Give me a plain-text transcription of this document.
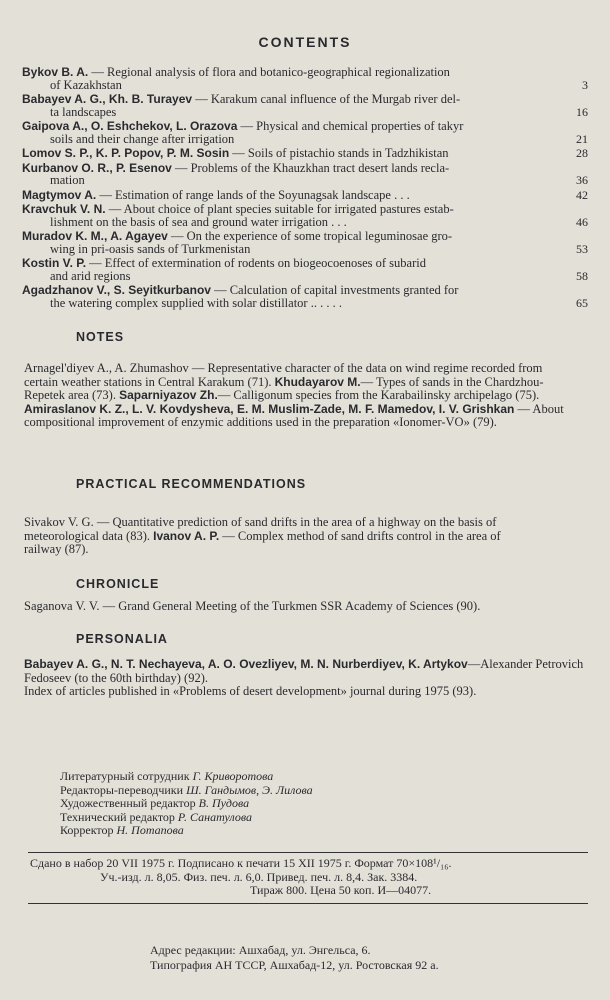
CONTENTS
Bykov B. A. — Regional analysis of flora and botanico-geographical regionalization
of Kazakhstan	3
Babayev A. G., Kh. B. Turayev — Karakum canal influence of the Murgab river del-
ta landscapes	16
Gaipova A., O. Eshchekov, L. Orazova — Physical and chemical properties of takyr
soils and their change after irrigation	21
Lomov S. P., K. P. Popov, P. M. Sosin — Soils of pistachio stands in Tadzhikistan	28
Kurbanov O. R., P. Esenov — Problems of the Khauzkhan tract desert lands recla-
mation	36
Magtymov A. — Estimation of range lands of the Soyunagsak landscape . . .	42
Kravchuk V. N. — About choice of plant species suitable for irrigated pastures estab-
lishment on the basis of sea and ground water irrigation . . .	46
Muradov K. M., A. Agayev — On the experience of some tropical leguminosae gro-
wing in pri-oasis sands of Turkmenistan	53
Kostin V. P. — Effect of extermination of rodents on biogeocoenoses of subarid
and arid regions	58
Agadzhanov V., S. Seyitkurbanov — Calculation of capital investments granted for
the watering complex supplied with solar distillator .. . . . .	65
NOTES
Arnagel'diyev A., A. Zhumashov — Representative character of the data on wind regime recorded from certain weather stations in Central Karakum (71). Khudayarov M.— Types of sands in the Chardzhou-Repetek area (73). Saparniyazov Zh.— Calligonum species from the Karabailinsky archipelago (75). Amiraslanov K. Z., L. V. Kovdysheva, E. M. Muslim-Zade, M. F. Mamedov, I. V. Grishkan — About compositional improvement of enzymic additions used in the preparation «Ionomer-VO» (79).
PRACTICAL RECOMMENDATIONS
Sivakov V. G. — Quantitative prediction of sand drifts in the area of a highway on the basis of meteorological data (83). Ivanov A. P. — Complex method of sand drifts control in the area of railway (87).
CHRONICLE
Saganova V. V. — Grand General Meeting of the Turkmen SSR Academy of Sciences (90).
PERSONALIA
Babayev A. G., N. T. Nechayeva, A. O. Ovezliyev, M. N. Nurberdiyev, K. Artykov—Alexander Petrovich Fedoseev (to the 60th birthday) (92).
Index of articles published in «Problems of desert development» journal during 1975 (93).
Литературный сотрудник Г. Криворотова
Редакторы-переводчики Ш. Гандымов, Э. Лилова
Художественный редактор В. Пудова
Технический редактор Р. Санатулова
Корректор Н. Потапова
Сдано в набор 20 VII 1975 г. Подписано к печати 15 XII 1975 г. Формат 70×108¹/₁₆.
Уч.-изд. л. 8,05. Физ. печ. л. 6,0. Привед. печ. л. 8,4. Зак. 3384.
Тираж 800. Цена 50 коп. И—04077.
Адрес редакции: Ашхабад, ул. Энгельса, 6.
Типография АН ТССР, Ашхабад-12, ул. Ростовская 92 а.
